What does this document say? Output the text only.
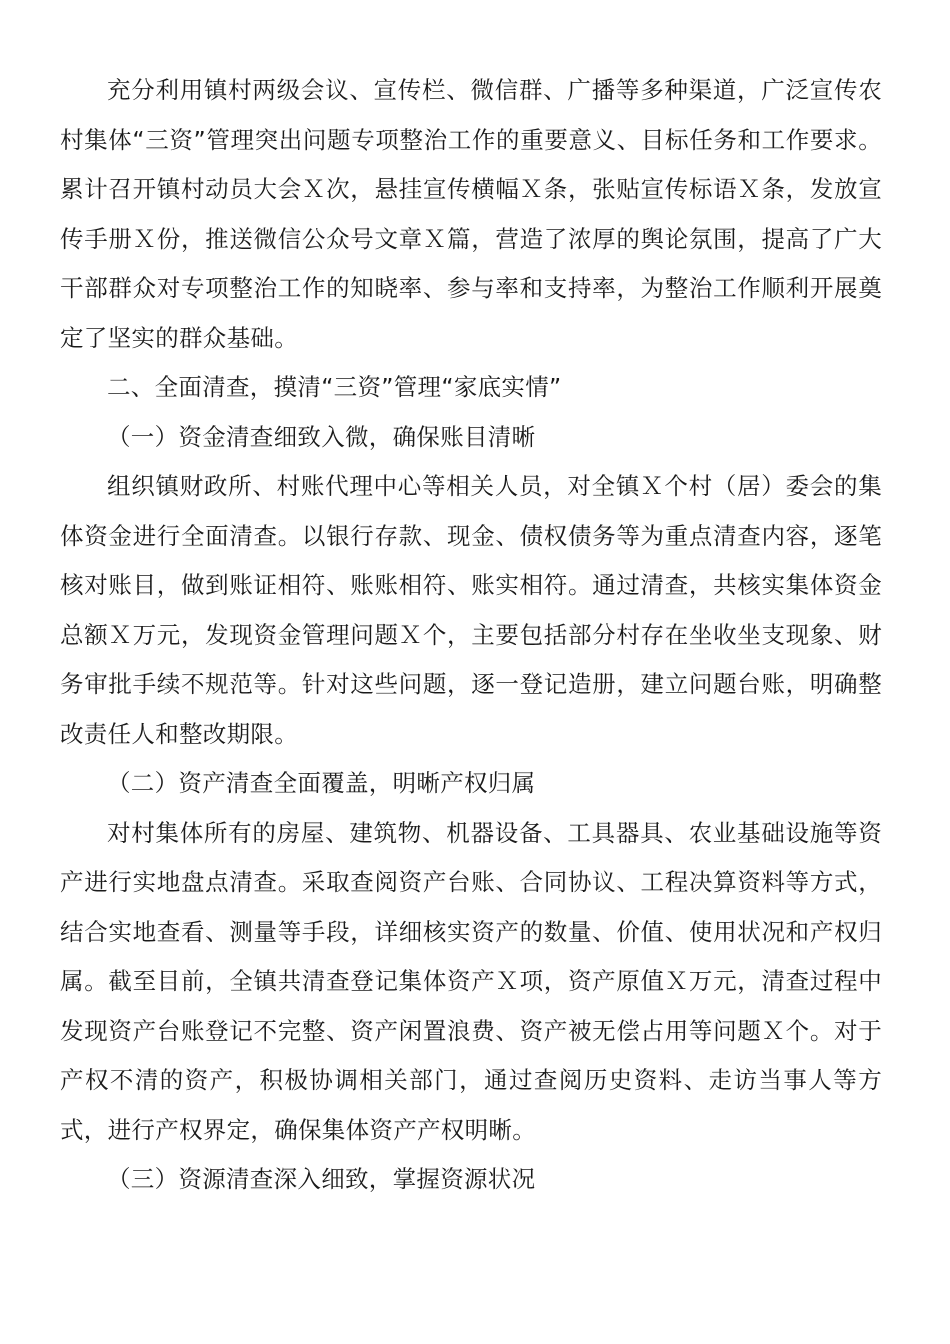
充分利用镇村两级会议、宣传栏、微信群、广播等多种渠道，广泛宣传农村集体“三资”管理突出问题专项整治工作的重要意义、目标任务和工作要求。累计召开镇村动员大会Ｘ次，悬挂宣传横幅Ｘ条，张贴宣传标语Ｘ条，发放宣传手册Ｘ份，推送微信公众号文章Ｘ篇，营造了浓厚的舆论氛围，提高了广大干部群众对专项整治工作的知晓率、参与率和支持率，为整治工作顺利开展奠定了坚实的群众基础。

二、全面清查，摸清“三资”管理“家底实情”

（一）资金清查细致入微，确保账目清晰

组织镇财政所、村账代理中心等相关人员，对全镇Ｘ个村（居）委会的集体资金进行全面清查。以银行存款、现金、债权债务等为重点清查内容，逐笔核对账目，做到账证相符、账账相符、账实相符。通过清查，共核实集体资金总额Ｘ万元，发现资金管理问题Ｘ个，主要包括部分村存在坐收坐支现象、财务审批手续不规范等。针对这些问题，逐一登记造册，建立问题台账，明确整改责任人和整改期限。

（二）资产清查全面覆盖，明晰产权归属

对村集体所有的房屋、建筑物、机器设备、工具器具、农业基础设施等资产进行实地盘点清查。采取查阅资产台账、合同协议、工程决算资料等方式，结合实地查看、测量等手段，详细核实资产的数量、价值、使用状况和产权归属。截至目前，全镇共清查登记集体资产Ｘ项，资产原值Ｘ万元，清查过程中发现资产台账登记不完整、资产闲置浪费、资产被无偿占用等问题Ｘ个。对于产权不清的资产，积极协调相关部门，通过查阅历史资料、走访当事人等方式，进行产权界定，确保集体资产产权明晰。

（三）资源清查深入细致，掌握资源状况
